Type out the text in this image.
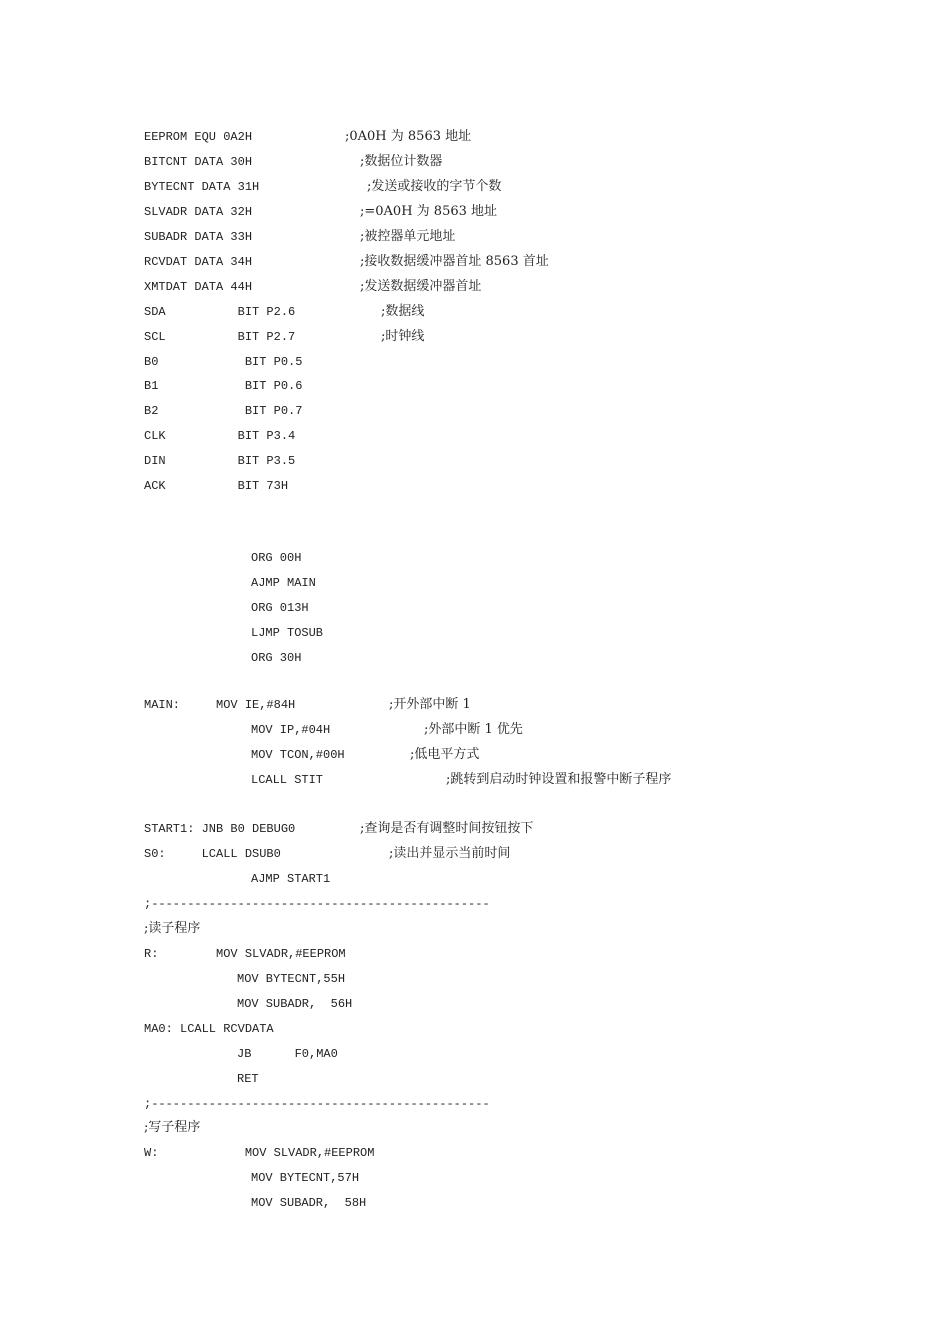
EEPROM EQU 0A2H	;0A0H 为 8563 地址
BITCNT DATA 30H	;数据位计数器
BYTECNT DATA 31H	;发送或接收的字节个数
SLVADR DATA 32H	;=0A0H 为 8563 地址
SUBADR DATA 33H	;被控器单元地址
RCVDAT DATA 34H	;接收数据缓冲器首址 8563 首址
XMTDAT DATA 44H	;发送数据缓冲器首址
SDA          BIT P2.6	;数据线
SCL          BIT P2.7	;时钟线
B0            BIT P0.5
B1            BIT P0.6
B2            BIT P0.7
CLK          BIT P3.4
DIN          BIT P3.5
ACK          BIT 73H
ORG 00H
AJMP MAIN
ORG 013H
LJMP TOSUB
ORG 30H
MAIN:     MOV IE,#84H	;开外部中断 1
MOV IP,#04H	;外部中断 1 优先
MOV TCON,#00H	;低电平方式
LCALL STIT	;跳转到启动时钟设置和报警中断子程序
START1: JNB B0 DEBUG0	;查询是否有调整时间按钮按下
S0:     LCALL DSUB0	;读出并显示当前时间
AJMP START1
;-----------------------------------------------
;读子程序
R:        MOV SLVADR,#EEPROM
MOV BYTECNT,55H
MOV SUBADR,  56H
MA0: LCALL RCVDATA
JB      F0,MA0
RET
;-----------------------------------------------
;写子程序
W:            MOV SLVADR,#EEPROM
MOV BYTECNT,57H
MOV SUBADR,  58H
